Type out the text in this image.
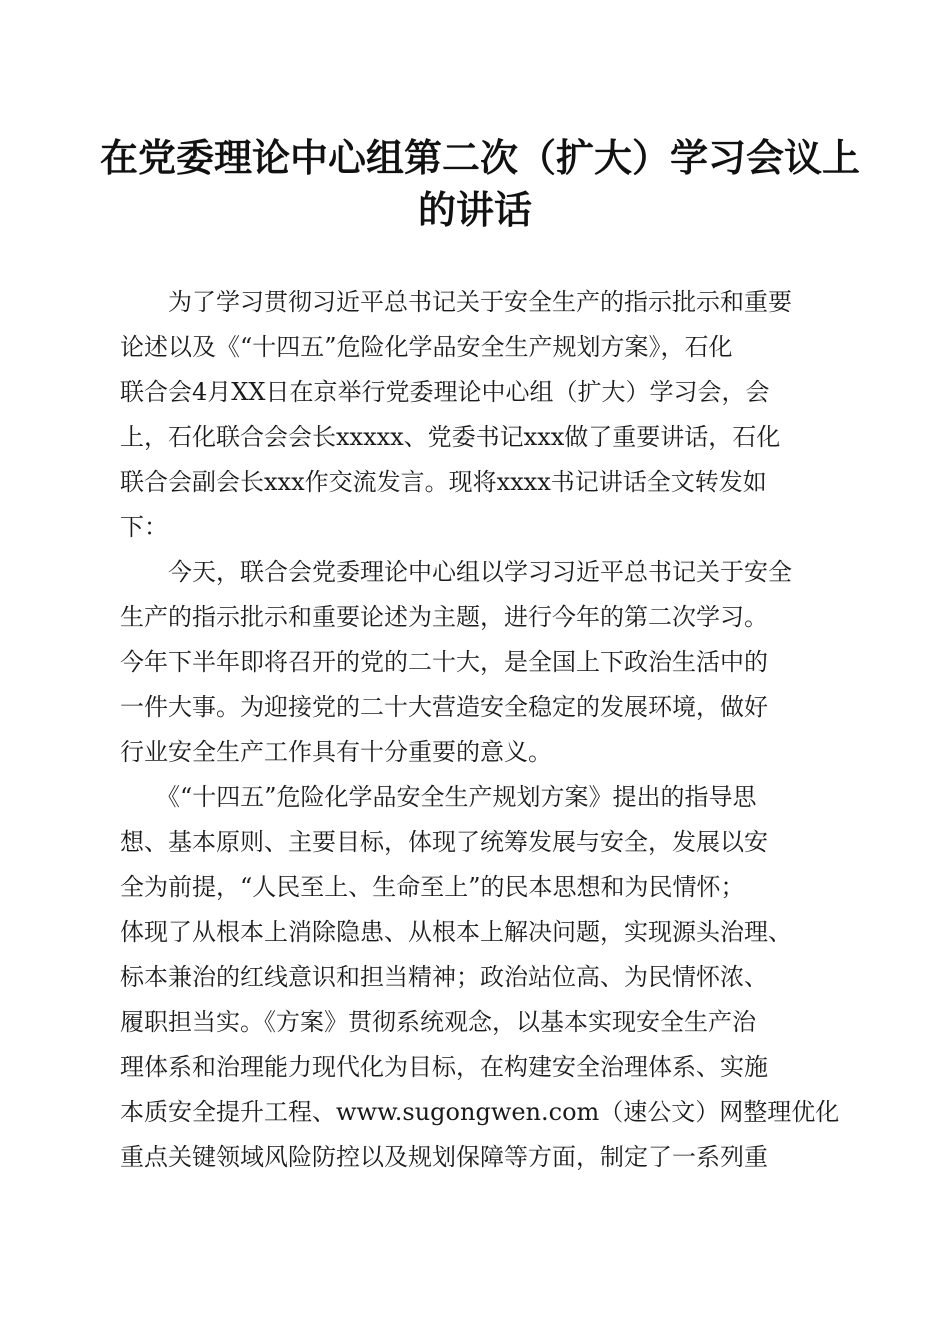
在党委理论中心组第二次（扩大）学习会议上
的讲话
　　为了学习贯彻习近平总书记关于安全生产的指示批示和重要
论述以及《“十四五”危险化学品安全生产规划方案》，石化
联合会4月XX日在京举行党委理论中心组（扩大）学习会，会
上，石化联合会会长xxxxx、党委书记xxx做了重要讲话，石化
联合会副会长xxx作交流发言。现将xxxx书记讲话全文转发如
下：
　　今天，联合会党委理论中心组以学习习近平总书记关于安全
生产的指示批示和重要论述为主题，进行今年的第二次学习。
今年下半年即将召开的党的二十大，是全国上下政治生活中的
一件大事。为迎接党的二十大营造安全稳定的发展环境，做好
行业安全生产工作具有十分重要的意义。
　　《“十四五”危险化学品安全生产规划方案》提出的指导思
想、基本原则、主要目标，体现了统筹发展与安全，发展以安
全为前提，“人民至上、生命至上”的民本思想和为民情怀；
体现了从根本上消除隐患、从根本上解决问题，实现源头治理、
标本兼治的红线意识和担当精神；政治站位高、为民情怀浓、
履职担当实。《方案》贯彻系统观念，以基本实现安全生产治
理体系和治理能力现代化为目标，在构建安全治理体系、实施
本质安全提升工程、www.sugongwen.com（速公文）网整理优化
重点关键领域风险防控以及规划保障等方面，制定了一系列重
